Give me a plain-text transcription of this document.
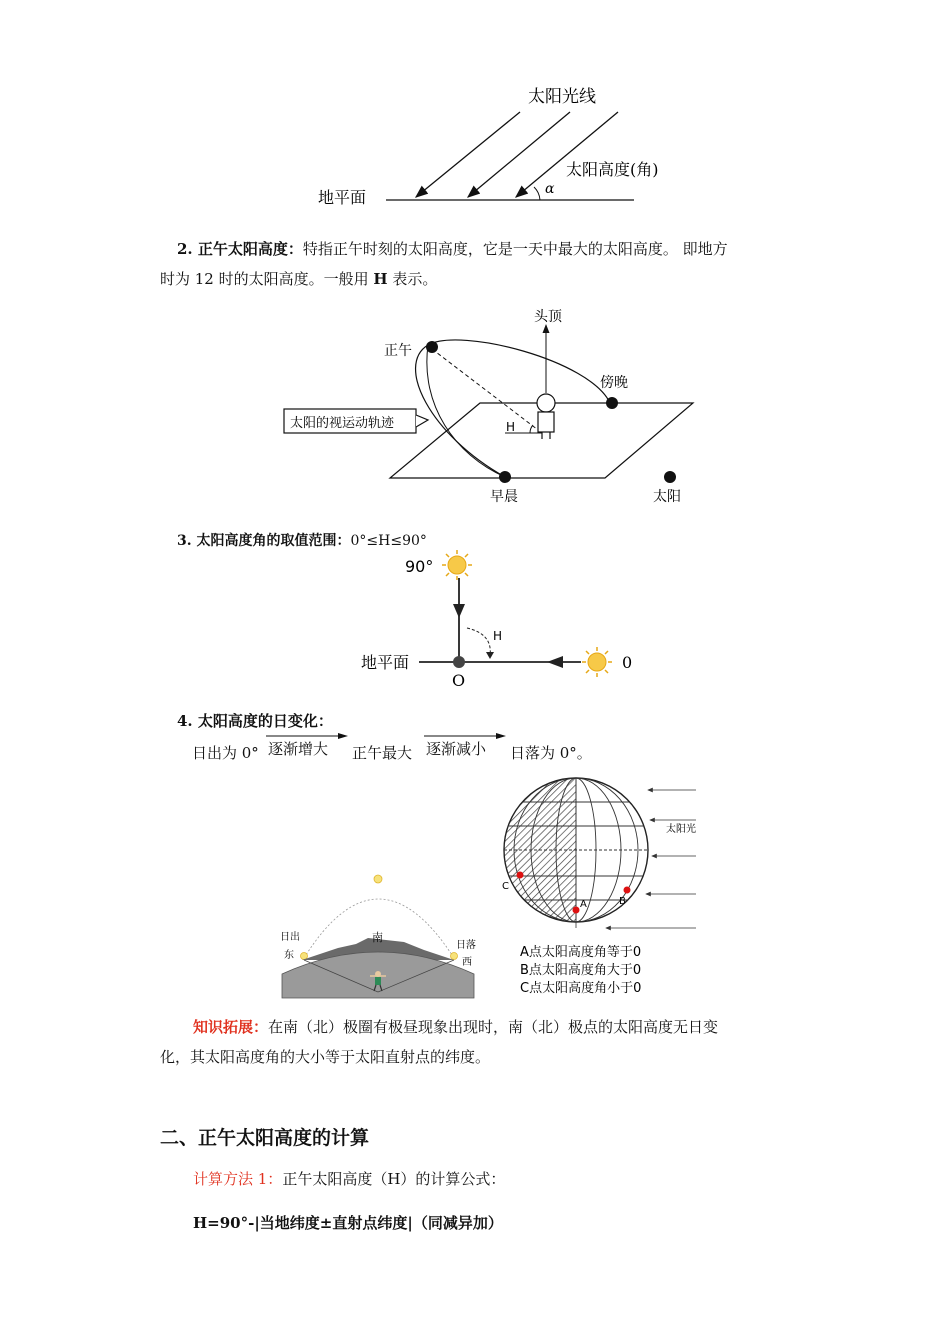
太阳光线
太阳高度(角)
α
地平面
2. 正午太阳高度：特指正午时刻的太阳高度，它是一天中最大的太阳高度。 即地方
时为 12 时的太阳高度。一般用 H 表示。
太阳的视运动轨迹
头顶
正午
傍晚
H
早晨	太阳
3. 太阳高度角的取值范围：0°≤H≤90°
90°
H
地平面
O
0
4. 太阳高度的日变化：
日出为 0° 逐渐增大 正午最大 逐渐减小 日落为 0°。
南
日出
东
日落
西
太阳光
A	B
C
A点太阳高度角等于0
B点太阳高度角大于0
C点太阳高度角小于0
知识拓展：在南（北）极圈有极昼现象出现时，南（北）极点的太阳高度无日变
化，其太阳高度角的大小等于太阳直射点的纬度。
二、正午太阳高度的计算
计算方法 1：正午太阳高度（H）的计算公式：
H=90°-|当地纬度±直射点纬度|（同减异加）
